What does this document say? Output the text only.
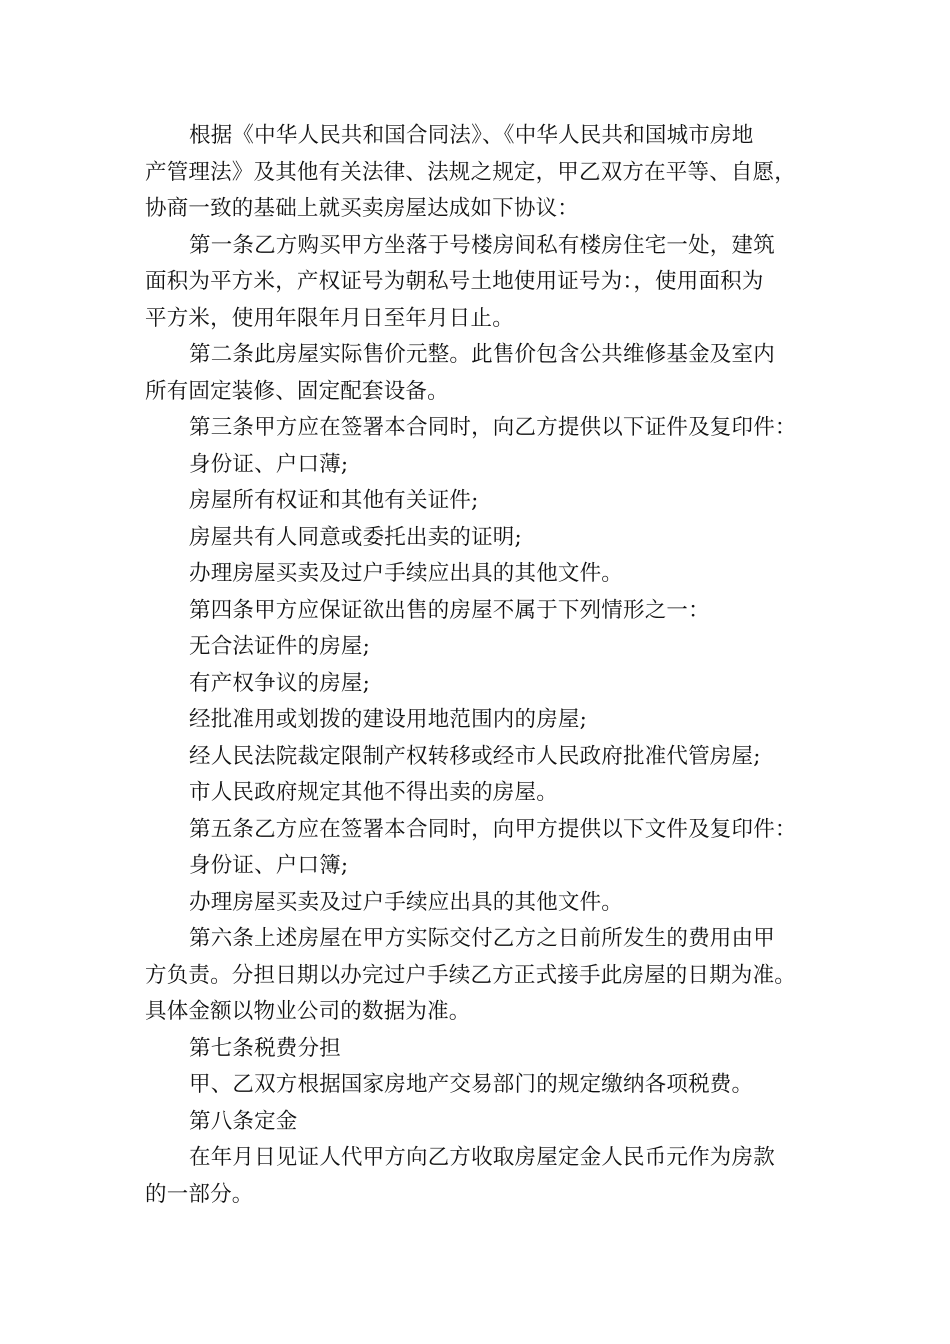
根据《中华人民共和国合同法》、《中华人民共和国城市房地
产管理法》及其他有关法律、法规之规定，甲乙双方在平等、自愿，
协商一致的基础上就买卖房屋达成如下协议：
第一条乙方购买甲方坐落于号楼房间私有楼房住宅一处，建筑
面积为平方米，产权证号为朝私号土地使用证号为：，使用面积为
平方米，使用年限年月日至年月日止。
第二条此房屋实际售价元整。此售价包含公共维修基金及室内
所有固定装修、固定配套设备。
第三条甲方应在签署本合同时，向乙方提供以下证件及复印件：
身份证、户口薄;
房屋所有权证和其他有关证件;
房屋共有人同意或委托出卖的证明;
办理房屋买卖及过户手续应出具的其他文件。
第四条甲方应保证欲出售的房屋不属于下列情形之一：
无合法证件的房屋;
有产权争议的房屋;
经批准用或划拨的建设用地范围内的房屋;
经人民法院裁定限制产权转移或经市人民政府批准代管房屋;
市人民政府规定其他不得出卖的房屋。
第五条乙方应在签署本合同时，向甲方提供以下文件及复印件：
身份证、户口簿;
办理房屋买卖及过户手续应出具的其他文件。
第六条上述房屋在甲方实际交付乙方之日前所发生的费用由甲
方负责。分担日期以办完过户手续乙方正式接手此房屋的日期为准。
具体金额以物业公司的数据为准。
第七条税费分担
甲、乙双方根据国家房地产交易部门的规定缴纳各项税费。
第八条定金
在年月日见证人代甲方向乙方收取房屋定金人民币元作为房款
的一部分。
